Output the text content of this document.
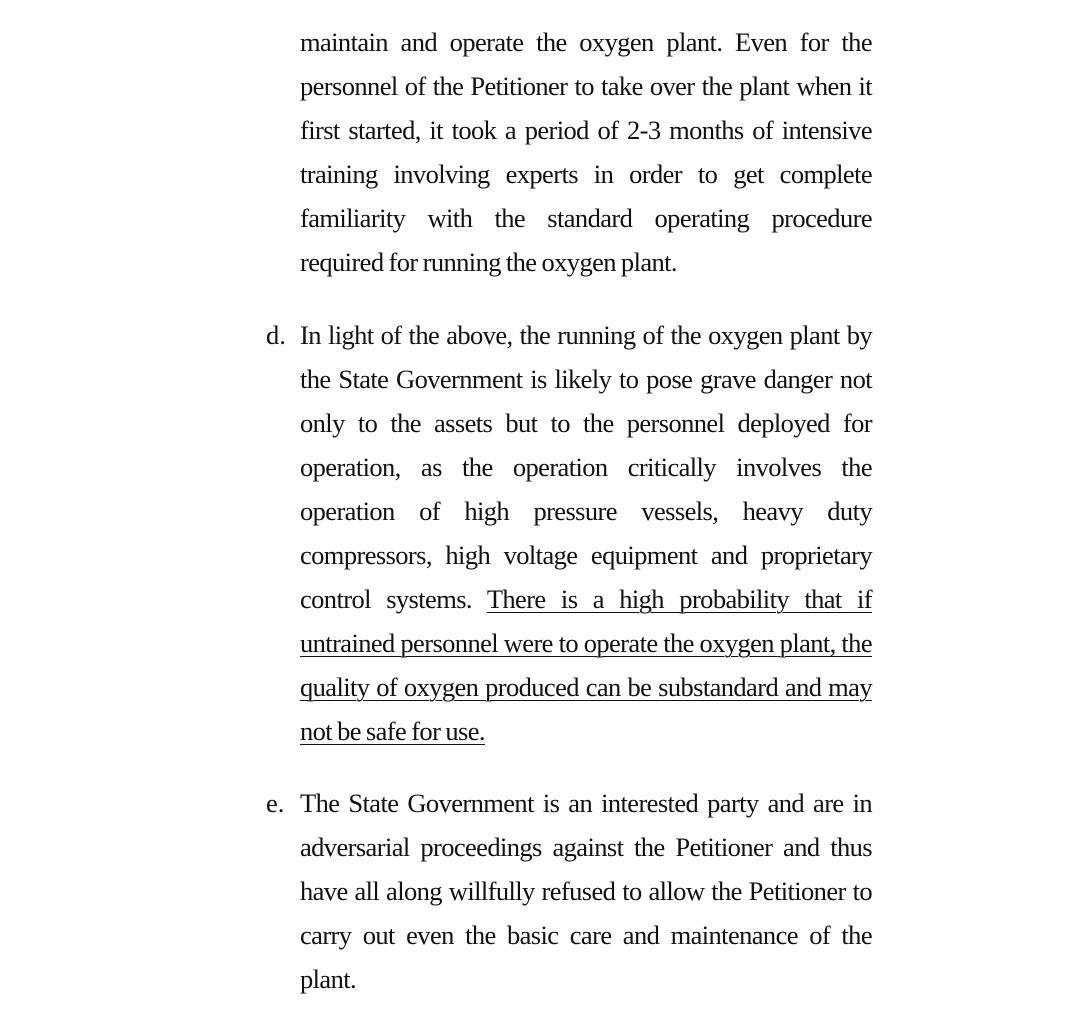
maintain and operate the oxygen plant. Even for the personnel of the Petitioner to take over the plant when it first started, it took a period of 2-3 months of intensive training involving experts in order to get complete familiarity with the standard operating procedure required for running the oxygen plant.
d. In light of the above, the running of the oxygen plant by the State Government is likely to pose grave danger not only to the assets but to the personnel deployed for operation, as the operation critically involves the operation of high pressure vessels, heavy duty compressors, high voltage equipment and proprietary control systems. There is a high probability that if untrained personnel were to operate the oxygen plant, the quality of oxygen produced can be substandard and may not be safe for use.
e. The State Government is an interested party and are in adversarial proceedings against the Petitioner and thus have all along willfully refused to allow the Petitioner to carry out even the basic care and maintenance of the plant.
